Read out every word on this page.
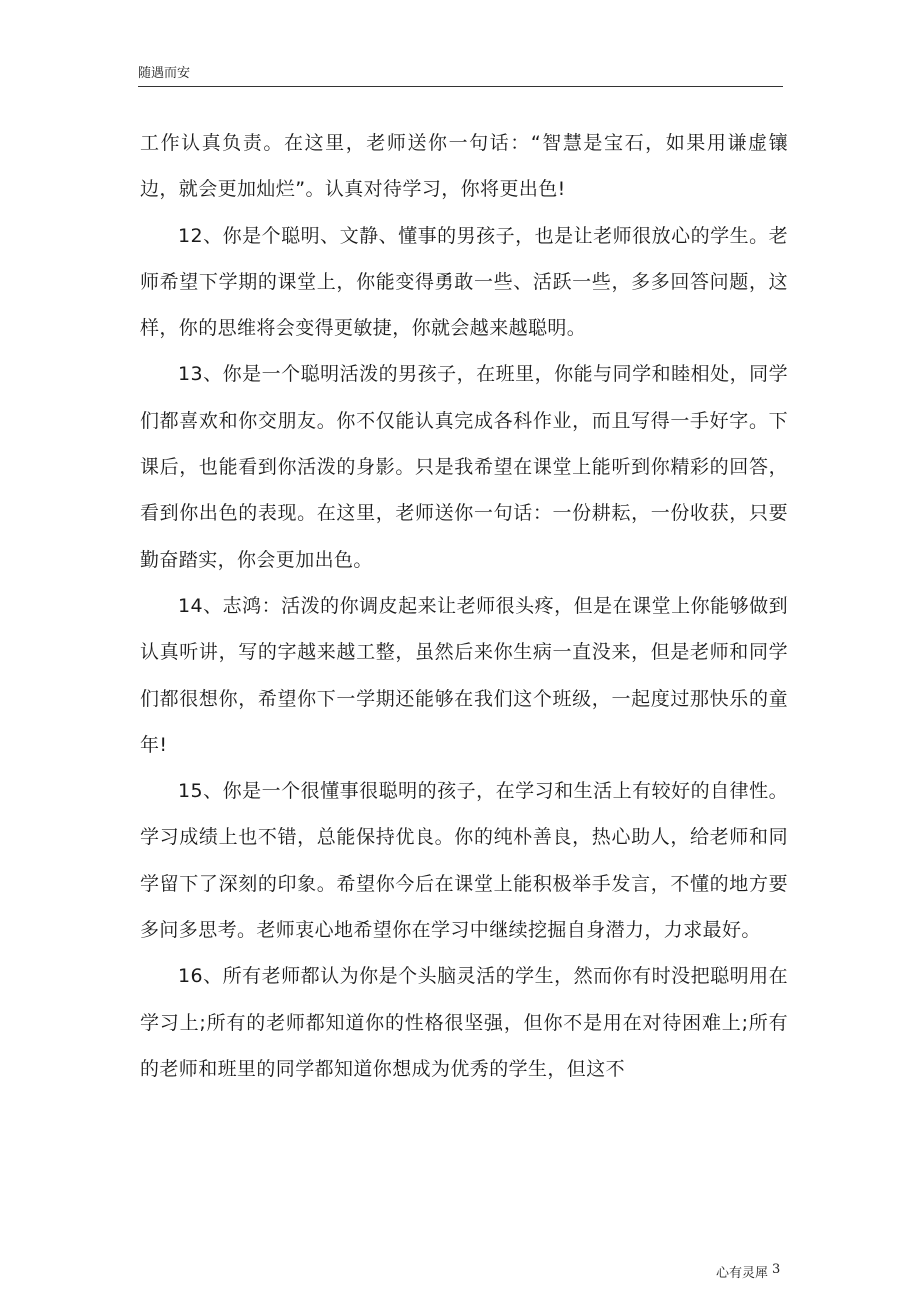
随遇而安

工作认真负责。在这里，老师送你一句话：“智慧是宝石，如果用谦虚镶边，就会更加灿烂”。认真对待学习，你将更出色!

12、你是个聪明、文静、懂事的男孩子，也是让老师很放心的学生。老师希望下学期的课堂上，你能变得勇敢一些、活跃一些，多多回答问题，这样，你的思维将会变得更敏捷，你就会越来越聪明。

13、你是一个聪明活泼的男孩子，在班里，你能与同学和睦相处，同学们都喜欢和你交朋友。你不仅能认真完成各科作业，而且写得一手好字。下课后，也能看到你活泼的身影。只是我希望在课堂上能听到你精彩的回答，看到你出色的表现。在这里，老师送你一句话：一份耕耘，一份收获，只要勤奋踏实，你会更加出色。

14、志鸿：活泼的你调皮起来让老师很头疼，但是在课堂上你能够做到认真听讲，写的字越来越工整，虽然后来你生病一直没来，但是老师和同学们都很想你，希望你下一学期还能够在我们这个班级，一起度过那快乐的童年!

15、你是一个很懂事很聪明的孩子，在学习和生活上有较好的自律性。学习成绩上也不错，总能保持优良。你的纯朴善良，热心助人，给老师和同学留下了深刻的印象。希望你今后在课堂上能积极举手发言，不懂的地方要多问多思考。老师衷心地希望你在学习中继续挖掘自身潜力，力求最好。

16、所有老师都认为你是个头脑灵活的学生，然而你有时没把聪明用在学习上;所有的老师都知道你的性格很坚强，但你不是用在对待困难上;所有的老师和班里的同学都知道你想成为优秀的学生，但这不

心有灵犀 3
